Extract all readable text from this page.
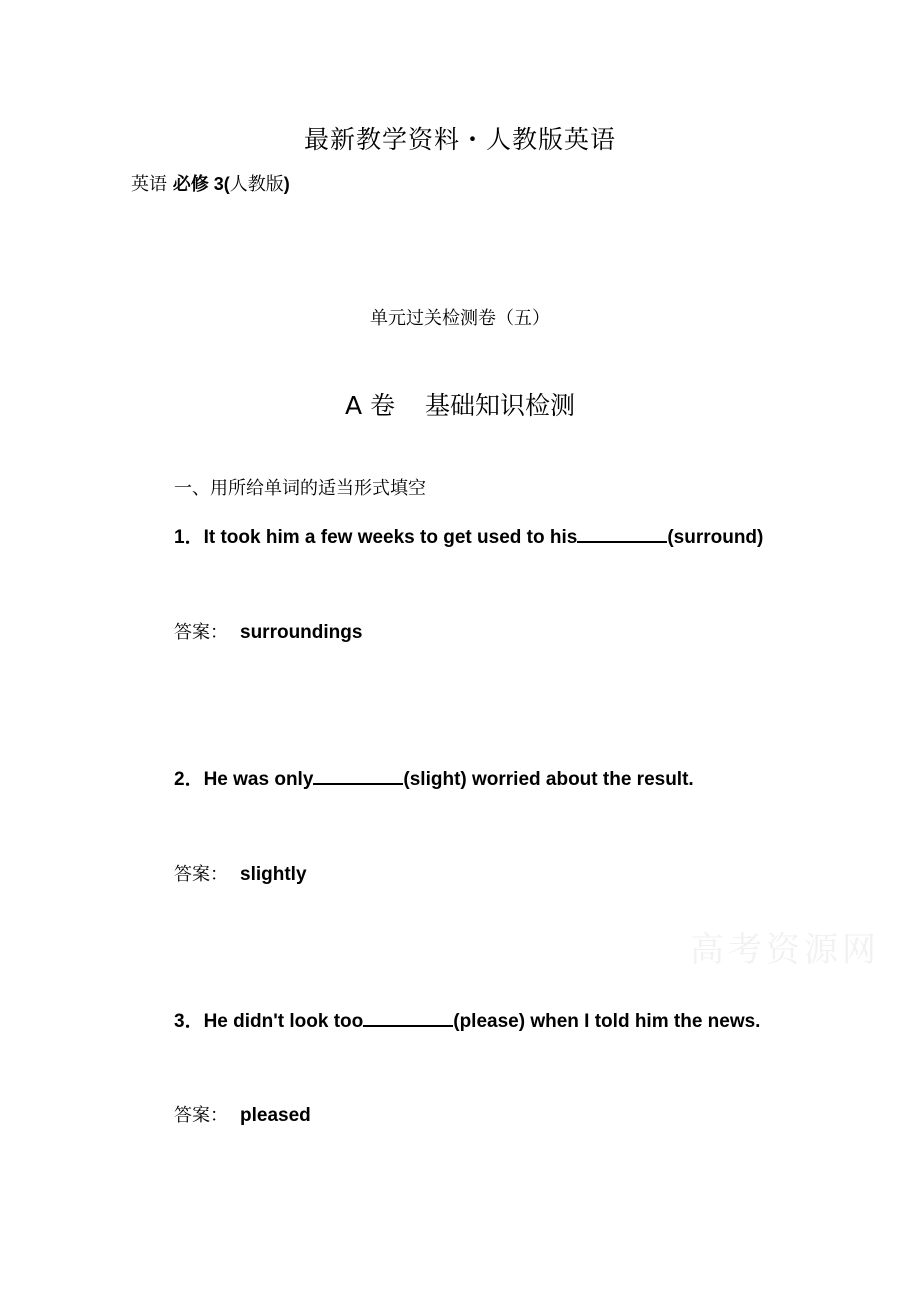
最新教学资料・人教版英语
英语 必修 3(人教版)
单元过关检测卷（五）
A 卷 基础知识检测
一、用所给单词的适当形式填空
1．It took him a few weeks to get used to his	(surround)
答案： surroundings
2．He was only	(slight) worried about the result.
答案： slightly
高考资源网
3．He didn't look too	(please) when I told him the news.
答案： pleased
